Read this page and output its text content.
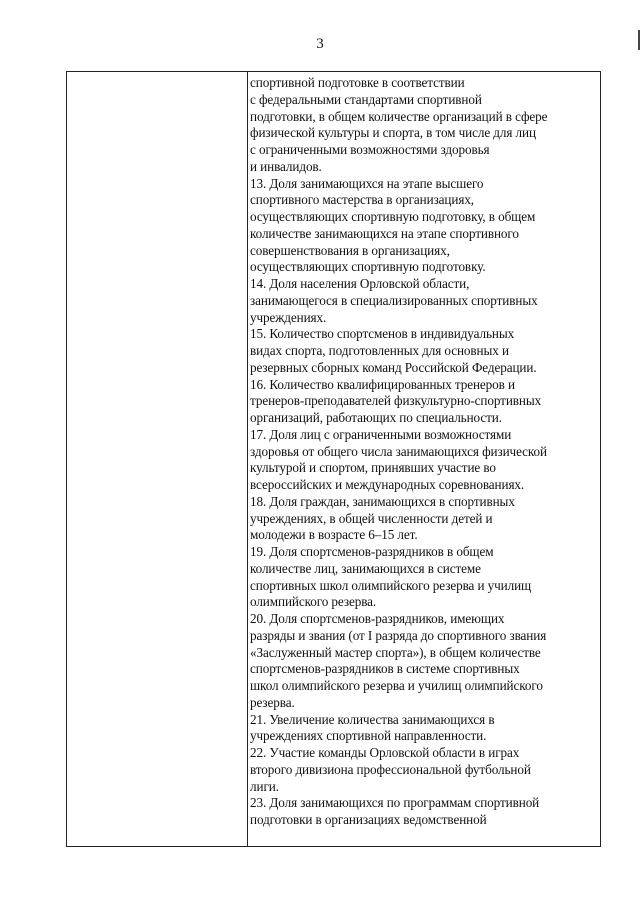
3
спортивной подготовке в соответствии
с федеральными стандартами спортивной
подготовки, в общем количестве организаций в сфере
физической культуры и спорта, в том числе для лиц
с ограниченными возможностями здоровья
и инвалидов.
13. Доля занимающихся на этапе высшего
спортивного мастерства в организациях,
осуществляющих спортивную подготовку, в общем
количестве занимающихся на этапе спортивного
совершенствования в организациях,
осуществляющих спортивную подготовку.
14. Доля населения Орловской области,
занимающегося в специализированных спортивных
учреждениях.
15. Количество спортсменов в индивидуальных
видах спорта, подготовленных для основных и
резервных сборных команд Российской Федерации.
16. Количество квалифицированных тренеров и
тренеров-преподавателей физкультурно-спортивных
организаций, работающих по специальности.
17. Доля лиц с ограниченными возможностями
здоровья от общего числа занимающихся физической
культурой и спортом, принявших участие во
всероссийских и международных соревнованиях.
18. Доля граждан, занимающихся в спортивных
учреждениях, в общей численности детей и
молодежи в возрасте 6–15 лет.
19. Доля спортсменов-разрядников в общем
количестве лиц, занимающихся в системе
спортивных школ олимпийского резерва и училищ
олимпийского резерва.
20. Доля спортсменов-разрядников, имеющих
разряды и звания (от I разряда до спортивного звания
«Заслуженный мастер спорта»), в общем количестве
спортсменов-разрядников в системе спортивных
школ олимпийского резерва и училищ олимпийского
резерва.
21. Увеличение количества занимающихся в
учреждениях спортивной направленности.
22. Участие команды Орловской области в играх
второго дивизиона профессиональной футбольной
лиги.
23. Доля занимающихся по программам спортивной
подготовки в организациях ведомственной
